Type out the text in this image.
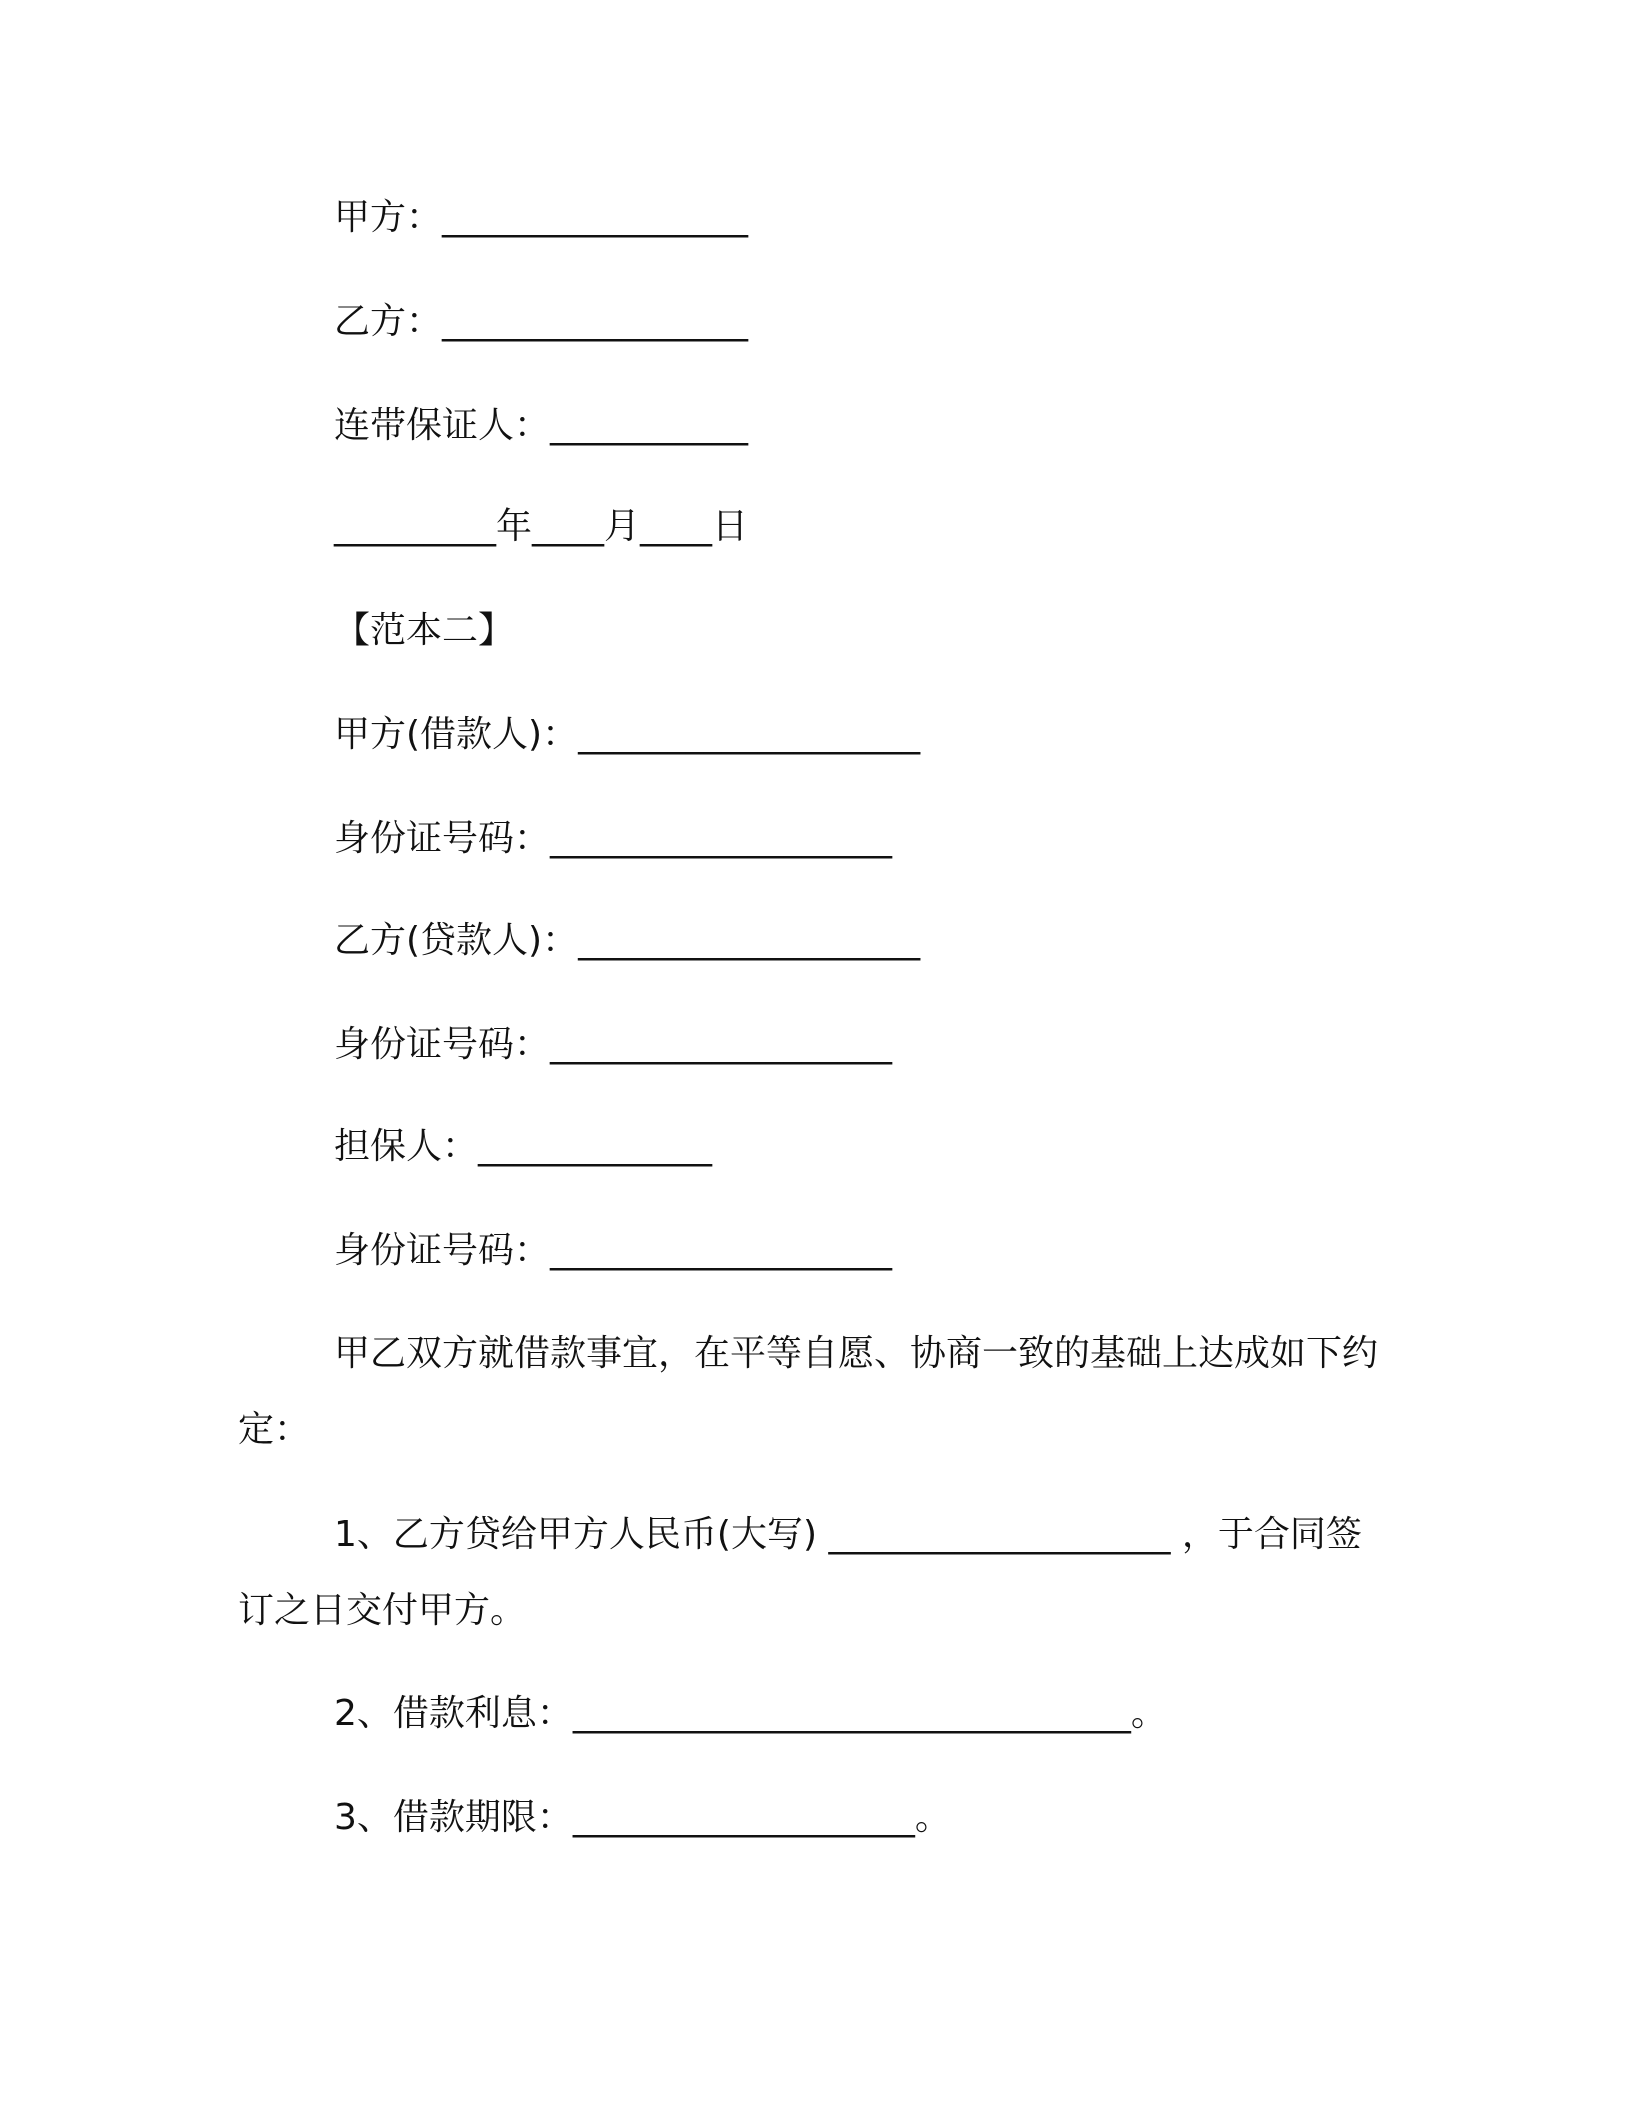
甲方：_________________
乙方：_________________
连带保证人：___________
_________年____月____日
【范本二】
甲方(借款人)：___________________
身份证号码：___________________
乙方(贷款人)：___________________
身份证号码：___________________
担保人：_____________
身份证号码：___________________
甲乙双方就借款事宜，在平等自愿、协商一致的基础上达成如下约定：
1、乙方贷给甲方人民币(大写) ___________________ ，于合同签订之日交付甲方。
2、借款利息：_______________________________。
3、借款期限：___________________。
